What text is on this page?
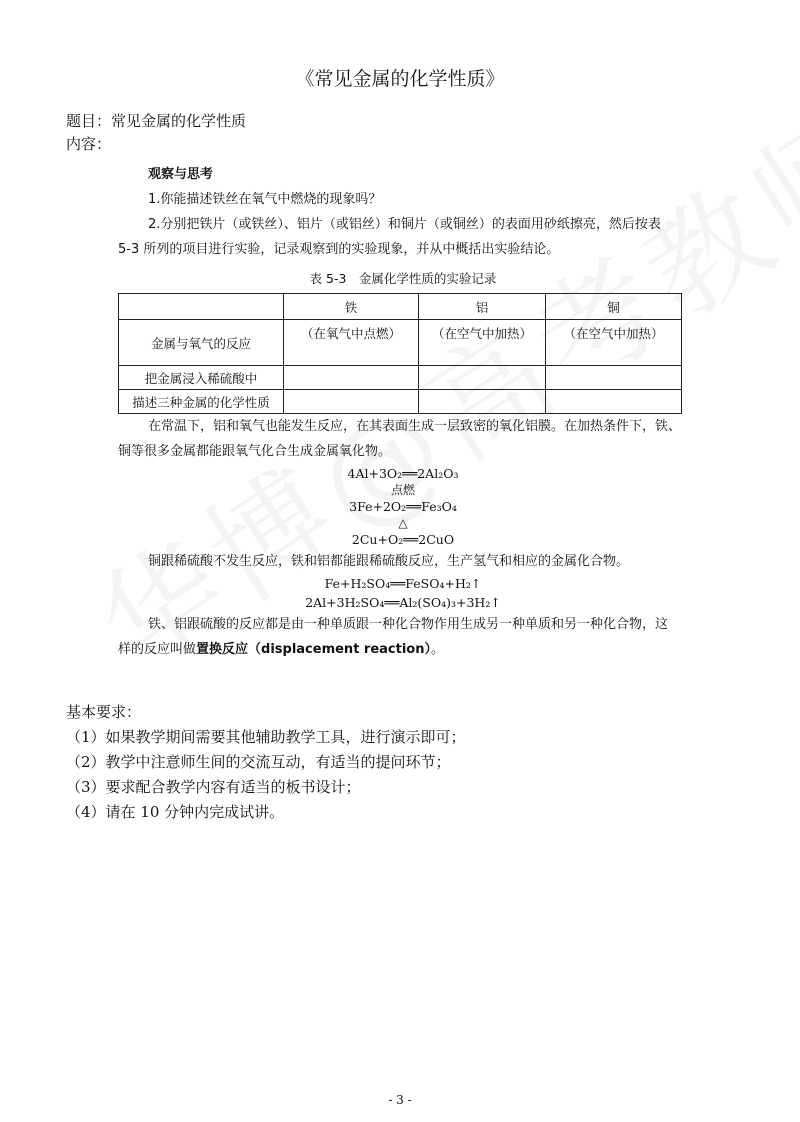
《常见金属的化学性质》
题目：常见金属的化学性质
内容：

观察与思考

1.你能描述铁丝在氧气中燃烧的现象吗？

2.分别把铁片（或铁丝）、铝片（或铝丝）和铜片（或铜丝）的表面用砂纸擦亮，然后按表

5-3 所列的项目进行实验，记录观察到的实验现象，并从中概括出实验结论。

表 5-3　金属化学性质的实验记录

	铁	铝	铜
金属与氧气的反应	（在氧气中点燃）	（在空气中加热）	（在空气中加热）
把金属浸入稀硫酸中			
描述三种金属的化学性质			

在常温下，铝和氧气也能发生反应，在其表面生成一层致密的氧化铝膜。在加热条件下，铁、

铜等很多金属都能跟氧气化合生成金属氧化物。

4Al+3O₂══2Al₂O₃
点燃
3Fe+2O₂══Fe₃O₄
△
2Cu+O₂══2CuO

铜跟稀硫酸不发生反应，铁和铝都能跟稀硫酸反应，生产氢气和相应的金属化合物。

Fe+H₂SO₄══FeSO₄+H₂↑
2Al+3H₂SO₄══Al₂(SO₄)₃+3H₂↑

铁、铝跟硫酸的反应都是由一种单质跟一种化合物作用生成另一种单质和另一种化合物，这

样的反应叫做置换反应（displacement reaction）。

基本要求：

（1）如果教学期间需要其他辅助教学工具，进行演示即可；

（2）教学中注意师生间的交流互动，有适当的提问环节；

（3）要求配合教学内容有适当的板书设计；

（4）请在 10 分钟内完成试讲。

- 3 -
